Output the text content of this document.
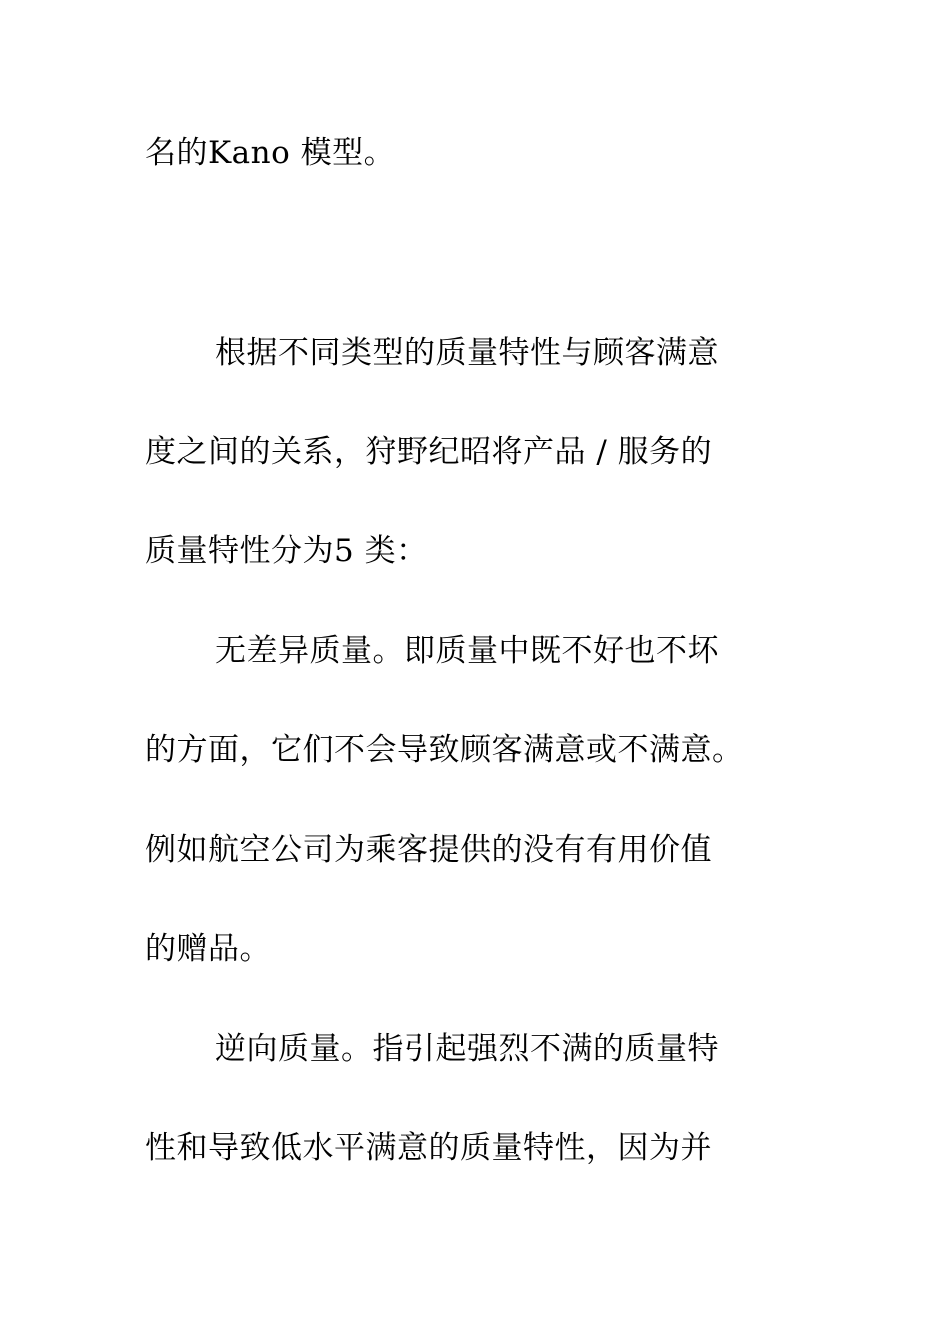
名的Kano 模型。
根据不同类型的质量特性与顾客满意
度之间的关系，狩野纪昭将产品 / 服务的
质量特性分为5 类：
无差异质量。即质量中既不好也不坏
的方面，它们不会导致顾客满意或不满意。
例如航空公司为乘客提供的没有有用价值
的赠品。
逆向质量。指引起强烈不满的质量特
性和导致低水平满意的质量特性，因为并
